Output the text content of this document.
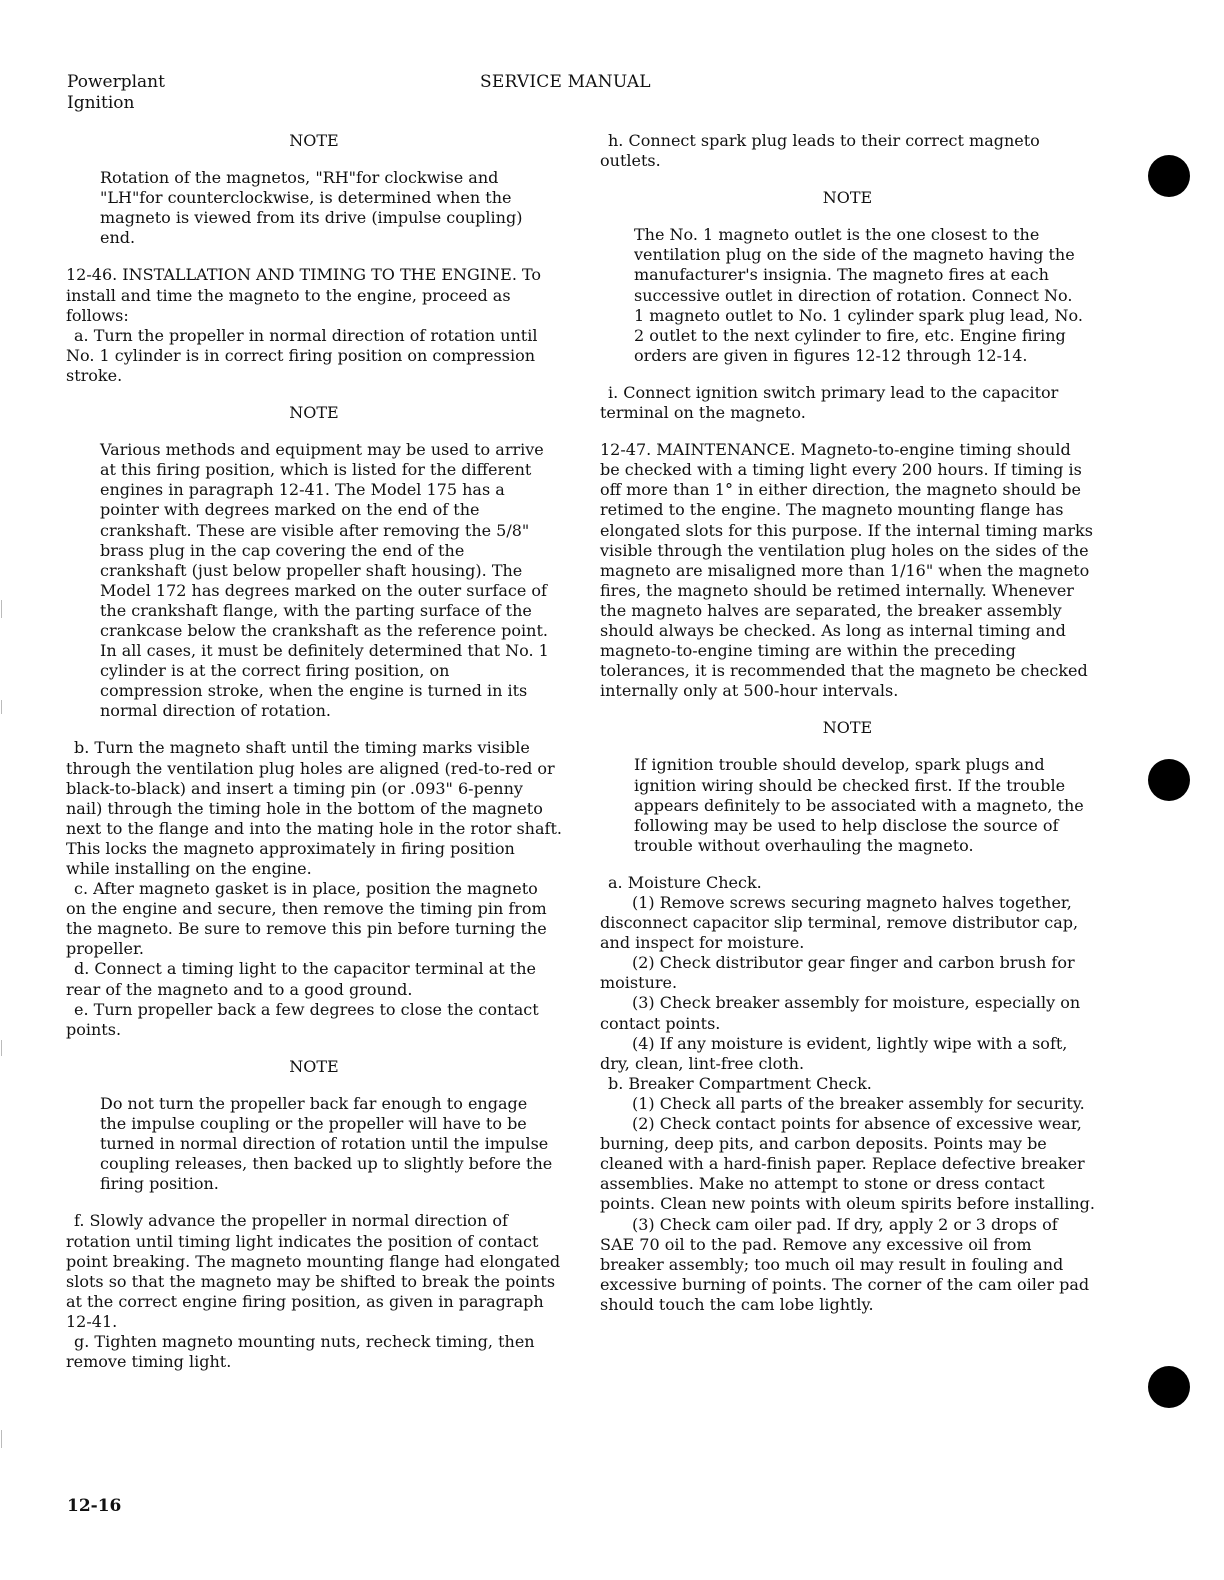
Powerplant
Ignition
SERVICE MANUAL

NOTE

Rotation of the magnetos, "RH"for clockwise and "LH"for counterclockwise, is determined when the magneto is viewed from its drive (impulse coupling) end.

12-46. INSTALLATION AND TIMING TO THE ENGINE. To install and time the magneto to the engine, proceed as follows:

a. Turn the propeller in normal direction of rotation until No. 1 cylinder is in correct firing position on compression stroke.

NOTE

Various methods and equipment may be used to arrive at this firing position, which is listed for the different engines in paragraph 12-41. The Model 175 has a pointer with degrees marked on the end of the crankshaft. These are visible after removing the 5/8" brass plug in the cap covering the end of the crankshaft (just below propeller shaft housing). The Model 172 has degrees marked on the outer surface of the crankshaft flange, with the parting surface of the crankcase below the crankshaft as the reference point. In all cases, it must be definitely determined that No. 1 cylinder is at the correct firing position, on compression stroke, when the engine is turned in its normal direction of rotation.

b. Turn the magneto shaft until the timing marks visible through the ventilation plug holes are aligned (red-to-red or black-to-black) and insert a timing pin (or .093" 6-penny nail) through the timing hole in the bottom of the magneto next to the flange and into the mating hole in the rotor shaft. This locks the magneto approximately in firing position while installing on the engine.

c. After magneto gasket is in place, position the magneto on the engine and secure, then remove the timing pin from the magneto. Be sure to remove this pin before turning the propeller.

d. Connect a timing light to the capacitor terminal at the rear of the magneto and to a good ground.

e. Turn propeller back a few degrees to close the contact points.

NOTE

Do not turn the propeller back far enough to engage the impulse coupling or the propeller will have to be turned in normal direction of rotation until the impulse coupling releases, then backed up to slightly before the firing position.

f. Slowly advance the propeller in normal direction of rotation until timing light indicates the position of contact point breaking. The magneto mounting flange had elongated slots so that the magneto may be shifted to break the points at the correct engine firing position, as given in paragraph 12-41.

g. Tighten magneto mounting nuts, recheck timing, then remove timing light.

h. Connect spark plug leads to their correct magneto outlets.

NOTE

The No. 1 magneto outlet is the one closest to the ventilation plug on the side of the magneto having the manufacturer's insignia. The magneto fires at each successive outlet in direction of rotation. Connect No. 1 magneto outlet to No. 1 cylinder spark plug lead, No. 2 outlet to the next cylinder to fire, etc. Engine firing orders are given in figures 12-12 through 12-14.

i. Connect ignition switch primary lead to the capacitor terminal on the magneto.

12-47. MAINTENANCE. Magneto-to-engine timing should be checked with a timing light every 200 hours. If timing is off more than 1° in either direction, the magneto should be retimed to the engine. The magneto mounting flange has elongated slots for this purpose. If the internal timing marks visible through the ventilation plug holes on the sides of the magneto are misaligned more than 1/16" when the magneto fires, the magneto should be retimed internally. Whenever the magneto halves are separated, the breaker assembly should always be checked. As long as internal timing and magneto-to-engine timing are within the preceding tolerances, it is recommended that the magneto be checked internally only at 500-hour intervals.

NOTE

If ignition trouble should develop, spark plugs and ignition wiring should be checked first. If the trouble appears definitely to be associated with a magneto, the following may be used to help disclose the source of trouble without overhauling the magneto.

a. Moisture Check.

(1) Remove screws securing magneto halves together, disconnect capacitor slip terminal, remove distributor cap, and inspect for moisture.

(2) Check distributor gear finger and carbon brush for moisture.

(3) Check breaker assembly for moisture, especially on contact points.

(4) If any moisture is evident, lightly wipe with a soft, dry, clean, lint-free cloth.

b. Breaker Compartment Check.

(1) Check all parts of the breaker assembly for security.

(2) Check contact points for absence of excessive wear, burning, deep pits, and carbon deposits. Points may be cleaned with a hard-finish paper. Replace defective breaker assemblies. Make no attempt to stone or dress contact points. Clean new points with oleum spirits before installing.

(3) Check cam oiler pad. If dry, apply 2 or 3 drops of SAE 70 oil to the pad. Remove any excessive oil from breaker assembly; too much oil may result in fouling and excessive burning of points. The corner of the cam oiler pad should touch the cam lobe lightly.

12-16
